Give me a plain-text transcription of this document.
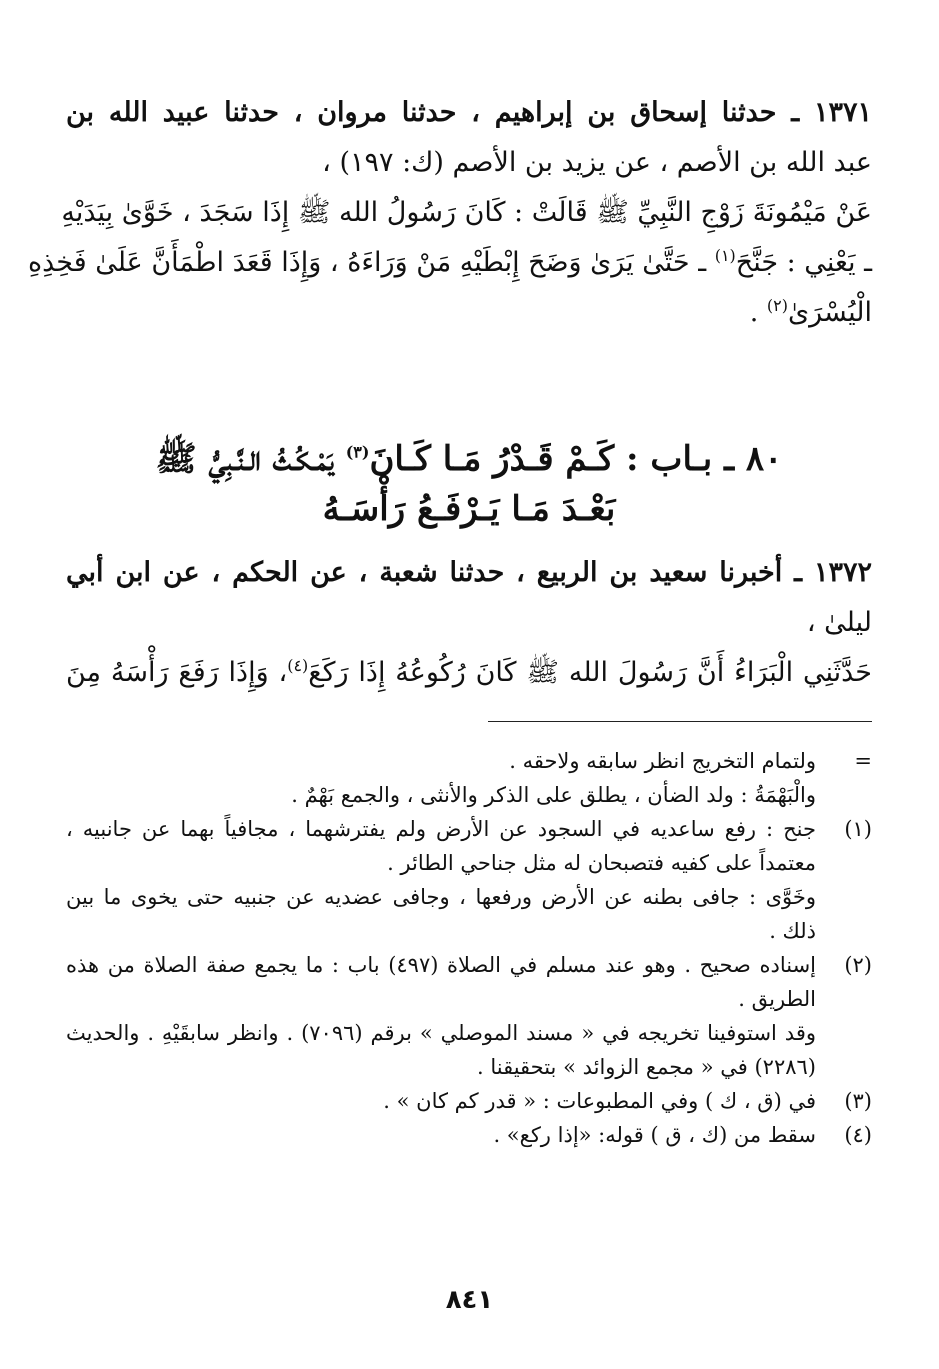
١٣٧١ ـ حدثنا إسحاق بن إبراهيم ، حدثنا مروان ، حدثنا عبيد الله بن
عبد الله بن الأصم ، عن يزيد بن الأصم (ك: ١٩٧) ،
عَنْ مَيْمُونَةَ زَوْجِ النَّبِيِّ ﷺ قَالَتْ : كَانَ رَسُولُ الله ﷺ إِذَا سَجَدَ ، خَوَّىٰ بِيَدَيْهِ
ـ يَعْنِي : جَنَّحَ$^{(١)}$ ـ حَتَّىٰ يَرَىٰ وَضَحَ إِبْطَيْهِ مَنْ وَرَاءَهُ ، وَإِذَا قَعَدَ اطْمَأَنَّ عَلَىٰ فَخِذِهِ
الْيُسْرَىٰ$^{(٢)}$ .
٨٠ ـ بـاب : كَـمْ قَـدْرُ مَـا كَـانَ$^{(٣)}$ يَمْـكُـثُ الـنَّـبِيُّ ﷺ
بَعْـدَ مَـا يَـرْفَـعُ رَأْسَـهُ
١٣٧٢ ـ أخبرنا سعيد بن الربيع ، حدثنا شعبة ، عن الحكم ، عن ابن أبي
ليلىٰ ،
حَدَّثَنِي الْبَرَاءُ أَنَّ رَسُولَ الله ﷺ كَانَ رُكُوعُهُ إِذَا رَكَعَ$^{(٤)}$، وَإِذَا رَفَعَ رَأْسَهُ مِنَ
=
ولتمام التخريج انظر سابقه ولاحقه .
والْبَهْمَةُ : ولد الضأن ، يطلق على الذكر والأنثى ، والجمع بَهْمٌ .
(١)
جنح : رفع ساعديه في السجود عن الأرض ولم يفترشهما ، مجافياً بهما عن جانبيه ،
معتمداً على كفيه فتصبحان له مثل جناحي الطائر .
وخَوَّى : جافى بطنه عن الأرض ورفعها ، وجافى عضديه عن جنبيه حتى يخوى ما بين
ذلك .
(٢)
إسناده صحيح . وهو عند مسلم في الصلاة (٤٩٧) باب : ما يجمع صفة الصلاة من هذه
الطريق .
وقد استوفينا تخريجه في « مسند الموصلي » برقم (٧٠٩٦) . وانظر سابقَيْهِ . والحديث
(٢٢٨٦) في « مجمع الزوائد » بتحقيقنا .
(٣)
في (ق ، ك ) وفي المطبوعات : « قدر كم كان » .
(٤)
سقط من (ك ، ق ) قوله: «إذا ركع» .
٨٤١
